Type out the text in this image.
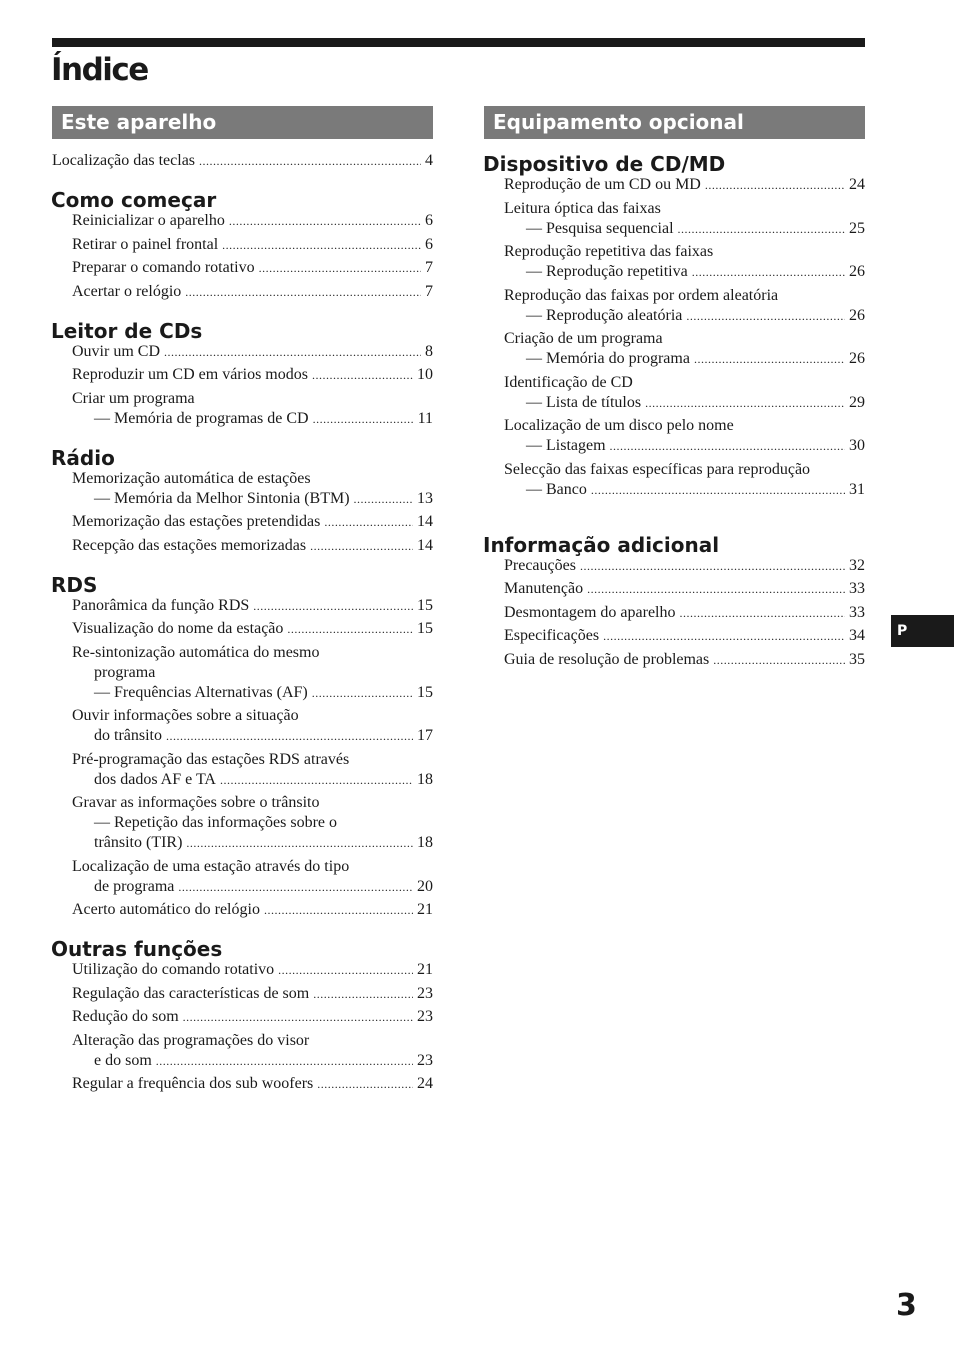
Índice
Este aparelho
Localização das teclas .....	4
Como começar
Reinicializar o aparelho .....	6
Retirar o painel frontal .....	6
Preparar o comando rotativo .....	7
Acertar o relógio .....	7
Leitor de CDs
Ouvir um CD .....	8
Reproduzir um CD em vários modos .....	10
Criar um programa
— Memória de programas de CD .....	11
Rádio
Memorização automática de estações
— Memória da Melhor Sintonia (BTM) .....	13
Memorização das estações pretendidas .....	14
Recepção das estações memorizadas .....	14
RDS
Panorâmica da função RDS .....	15
Visualização do nome da estação .....	15
Re-sintonização automática do mesmo
programa
— Frequências Alternativas (AF) .....	15
Ouvir informações sobre a situação
do trânsito .....	17
Pré-programação das estações RDS através
dos dados AF e TA .....	18
Gravar as informações sobre o trânsito
— Repetição das informações sobre o
trânsito (TIR) .....	18
Localização de uma estação através do tipo
de programa .....	20
Acerto automático do relógio .....	21
Outras funções
Utilização do comando rotativo .....	21
Regulação das características de som .....	23
Redução do som .....	23
Alteração das programações do visor
e do som .....	23
Regular a frequência dos sub woofers .....	24
Equipamento opcional
Dispositivo de CD/MD
Reprodução de um CD ou MD .....	24
Leitura óptica das faixas
— Pesquisa sequencial .....	25
Reprodução repetitiva das faixas
— Reprodução repetitiva .....	26
Reprodução das faixas por ordem aleatória
— Reprodução aleatória .....	26
Criação de um programa
— Memória do programa .....	26
Identificação de CD
— Lista de títulos .....	29
Localização de um disco pelo nome
— Listagem .....	30
Selecção das faixas específicas para reprodução
— Banco .....	31
Informação adicional
Precauções .....	32
Manutenção .....	33
Desmontagem do aparelho .....	33
Especificações .....	34
Guia de resolução de problemas .....	35
P
3
